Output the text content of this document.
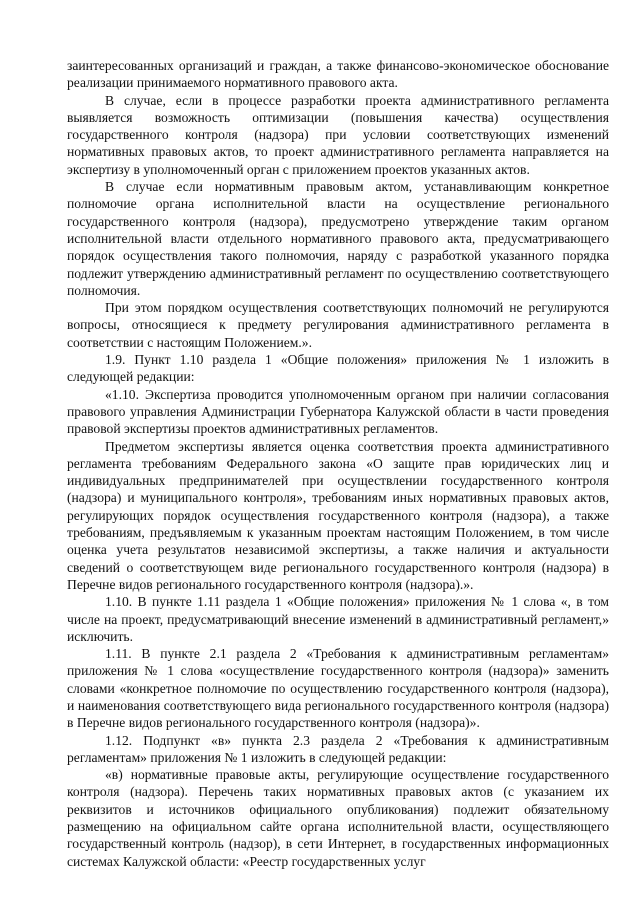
заинтересованных организаций и граждан, а также финансово-экономическое обоснование реализации принимаемого нормативного правового акта.

В случае, если в процессе разработки проекта административного регламента выявляется возможность оптимизации (повышения качества) осуществления государственного контроля (надзора) при условии соответствующих изменений нормативных правовых актов, то проект административного регламента направляется на экспертизу в уполномоченный орган с приложением проектов указанных актов.

В случае если нормативным правовым актом, устанавливающим конкретное полномочие органа исполнительной власти на осуществление регионального государственного контроля (надзора), предусмотрено утверждение таким органом исполнительной власти отдельного нормативного правового акта, предусматривающего порядок осуществления такого полномочия, наряду с разработкой указанного порядка подлежит утверждению административный регламент по осуществлению соответствующего полномочия.

При этом порядком осуществления соответствующих полномочий не регулируются вопросы, относящиеся к предмету регулирования административного регламента в соответствии с настоящим Положением.».

1.9. Пункт 1.10 раздела 1 «Общие положения» приложения № 1 изложить в следующей редакции:

«1.10. Экспертиза проводится уполномоченным органом при наличии согласования правового управления Администрации Губернатора Калужской области в части проведения правовой экспертизы проектов административных регламентов.

Предметом экспертизы является оценка соответствия проекта административного регламента требованиям Федерального закона «О защите прав юридических лиц и индивидуальных предпринимателей при осуществлении государственного контроля (надзора) и муниципального контроля», требованиям иных нормативных правовых актов, регулирующих порядок осуществления государственного контроля (надзора), а также требованиям, предъявляемым к указанным проектам настоящим Положением, в том числе оценка учета результатов независимой экспертизы, а также наличия и актуальности сведений о соответствующем виде регионального государственного контроля (надзора) в Перечне видов регионального государственного контроля (надзора).».

1.10. В пункте 1.11 раздела 1 «Общие положения» приложения № 1 слова «, в том числе на проект, предусматривающий внесение изменений в административный регламент,» исключить.

1.11. В пункте 2.1 раздела 2 «Требования к административным регламентам» приложения № 1 слова «осуществление государственного контроля (надзора)» заменить словами «конкретное полномочие по осуществлению государственного контроля (надзора), и наименования соответствующего вида регионального государственного контроля (надзора) в Перечне видов регионального государственного контроля (надзора)».

1.12. Подпункт «в» пункта 2.3 раздела 2 «Требования к административным регламентам» приложения № 1 изложить в следующей редакции:

«в) нормативные правовые акты, регулирующие осуществление государственного контроля (надзора). Перечень таких нормативных правовых актов (с указанием их реквизитов и источников официального опубликования) подлежит обязательному размещению на официальном сайте органа исполнительной власти, осуществляющего государственный контроль (надзор), в сети Интернет, в государственных информационных системах Калужской области: «Реестр государственных услуг
